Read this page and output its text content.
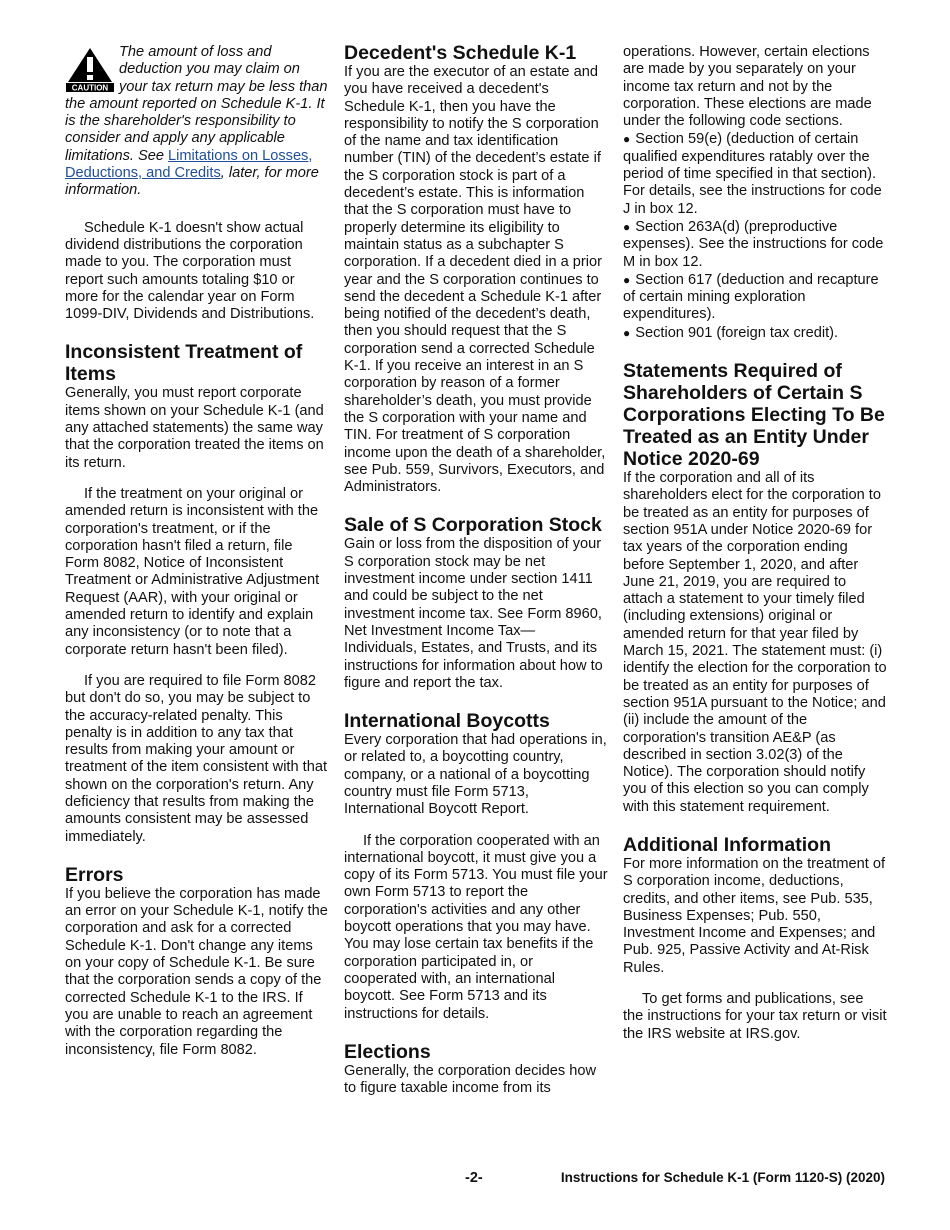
CAUTION

The amount of loss and deduction you may claim on your tax return may be less than the amount reported on Schedule K-1. It is the shareholder's responsibility to consider and apply any applicable limitations. See Limitations on Losses, Deductions, and Credits, later, for more information.

Schedule K-1 doesn't show actual dividend distributions the corporation made to you. The corporation must report such amounts totaling $10 or more for the calendar year on Form 1099-DIV, Dividends and Distributions.

Inconsistent Treatment of Items

Generally, you must report corporate items shown on your Schedule K-1 (and any attached statements) the same way that the corporation treated the items on its return.

If the treatment on your original or amended return is inconsistent with the corporation's treatment, or if the corporation hasn't filed a return, file Form 8082, Notice of Inconsistent Treatment or Administrative Adjustment Request (AAR), with your original or amended return to identify and explain any inconsistency (or to note that a corporate return hasn't been filed).

If you are required to file Form 8082 but don't do so, you may be subject to the accuracy-related penalty. This penalty is in addition to any tax that results from making your amount or treatment of the item consistent with that shown on the corporation's return. Any deficiency that results from making the amounts consistent may be assessed immediately.

Errors

If you believe the corporation has made an error on your Schedule K-1, notify the corporation and ask for a corrected Schedule K-1. Don't change any items on your copy of Schedule K-1. Be sure that the corporation sends a copy of the corrected Schedule K-1 to the IRS. If you are unable to reach an agreement with the corporation regarding the inconsistency, file Form 8082.

Decedent's Schedule K-1

If you are the executor of an estate and you have received a decedent's Schedule K-1, then you have the responsibility to notify the S corporation of the name and tax identification number (TIN) of the decedent’s estate if the S corporation stock is part of a decedent’s estate. This is information that the S corporation must have to properly determine its eligibility to maintain status as a subchapter S corporation. If a decedent died in a prior year and the S corporation continues to send the decedent a Schedule K-1 after being notified of the decedent’s death, then you should request that the S corporation send a corrected Schedule K-1. If you receive an interest in an S corporation by reason of a former shareholder’s death, you must provide the S corporation with your name and TIN. For treatment of S corporation income upon the death of a shareholder, see Pub. 559, Survivors, Executors, and Administrators.

Sale of S Corporation Stock

Gain or loss from the disposition of your S corporation stock may be net investment income under section 1411 and could be subject to the net investment income tax. See Form 8960, Net Investment Income Tax—Individuals, Estates, and Trusts, and its instructions for information about how to figure and report the tax.

International Boycotts

Every corporation that had operations in, or related to, a boycotting country, company, or a national of a boycotting country must file Form 5713, International Boycott Report.

If the corporation cooperated with an international boycott, it must give you a copy of its Form 5713. You must file your own Form 5713 to report the corporation's activities and any other boycott operations that you may have. You may lose certain tax benefits if the corporation participated in, or cooperated with, an international boycott. See Form 5713 and its instructions for details.

Elections

Generally, the corporation decides how to figure taxable income from its

operations. However, certain elections are made by you separately on your income tax return and not by the corporation. These elections are made under the following code sections.

● Section 59(e) (deduction of certain qualified expenditures ratably over the period of time specified in that section). For details, see the instructions for code J in box 12.
● Section 263A(d) (preproductive expenses). See the instructions for code M in box 12.
● Section 617 (deduction and recapture of certain mining exploration expenditures).
● Section 901 (foreign tax credit).
Statements Required of Shareholders of Certain S Corporations Electing To Be Treated as an Entity Under Notice 2020-69

If the corporation and all of its shareholders elect for the corporation to be treated as an entity for purposes of section 951A under Notice 2020-69 for tax years of the corporation ending before September 1, 2020, and after June 21, 2019, you are required to attach a statement to your timely filed (including extensions) original or amended return for that year filed by March 15, 2021. The statement must: (i) identify the election for the corporation to be treated as an entity for purposes of section 951A pursuant to the Notice; and (ii) include the amount of the corporation's transition AE&P (as described in section 3.02(3) of the Notice). The corporation should notify you of this election so you can comply with this statement requirement.

Additional Information

For more information on the treatment of S corporation income, deductions, credits, and other items, see Pub. 535, Business Expenses; Pub. 550, Investment Income and Expenses; and Pub. 925, Passive Activity and At-Risk Rules.

To get forms and publications, see the instructions for your tax return or visit the IRS website at IRS.gov.

-2-	Instructions for Schedule K-1 (Form 1120-S) (2020)
